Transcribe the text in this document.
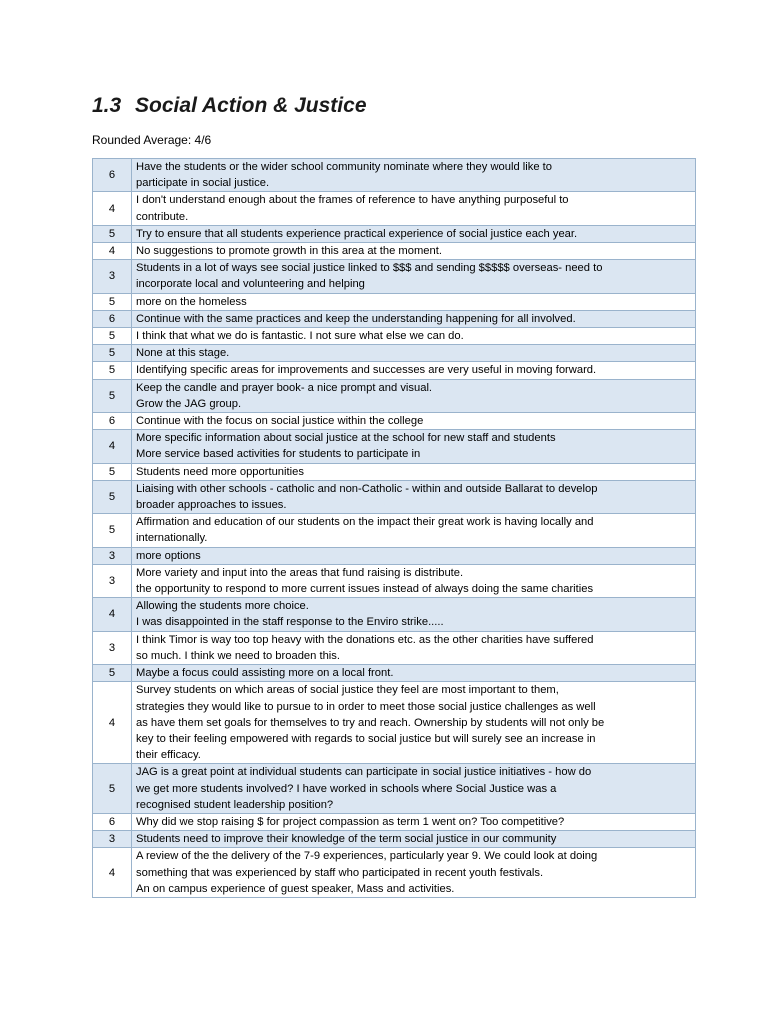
1.3 Social Action & Justice
Rounded Average: 4/6
6	Have the students or the wider school community nominate where they would like to
participate in social justice.
4	I don't understand enough about the frames of reference to have anything purposeful to
contribute.
5	Try to ensure that all students experience practical experience of social justice each year.
4	No suggestions to promote growth in this area at the moment.
3	Students in a lot of ways see social justice linked to $$$ and sending $$$$$ overseas- need to
incorporate local and volunteering and helping
5	more on the homeless
6	Continue with the same practices and keep the understanding happening for all involved.
5	I think that what we do is fantastic. I not sure what else we can do.
5	None at this stage.
5	Identifying specific areas for improvements and successes are very useful in moving forward.
5	Keep the candle and prayer book- a nice prompt and visual.
Grow the JAG group.
6	Continue with the focus on social justice within the college
4	More specific information about social justice at the school for new staff and students
More service based activities for students to participate in
5	Students need more opportunities
5	Liaising with other schools - catholic and non-Catholic - within and outside Ballarat to develop
broader approaches to issues.
5	Affirmation and education of our students on the impact their great work is having locally and
internationally.
3	more options
3	More variety and input into the areas that fund raising is distribute.
the opportunity to respond to more current issues instead of always doing the same charities
4	Allowing the students more choice.
I was disappointed in the staff response to the Enviro strike.....
3	I think Timor is way too top heavy with the donations etc. as the other charities have suffered
so much. I think we need to broaden this.
5	Maybe a focus could assisting more on a local front.
4	Survey students on which areas of social justice they feel are most important to them,
strategies they would like to pursue to in order to meet those social justice challenges as well
as have them set goals for themselves to try and reach. Ownership by students will not only be
key to their feeling empowered with regards to social justice but will surely see an increase in
their efficacy.
5	JAG is a great point at individual students can participate in social justice initiatives - how do
we get more students involved? I have worked in schools where Social Justice was a
recognised student leadership position?
6	Why did we stop raising $ for project compassion as term 1 went on? Too competitive?
3	Students need to improve their knowledge of the term social justice in our community
4	A review of the the delivery of the 7-9 experiences, particularly year 9. We could look at doing
something that was experienced by staff who participated in recent youth festivals.
An on campus experience of guest speaker, Mass and activities.
